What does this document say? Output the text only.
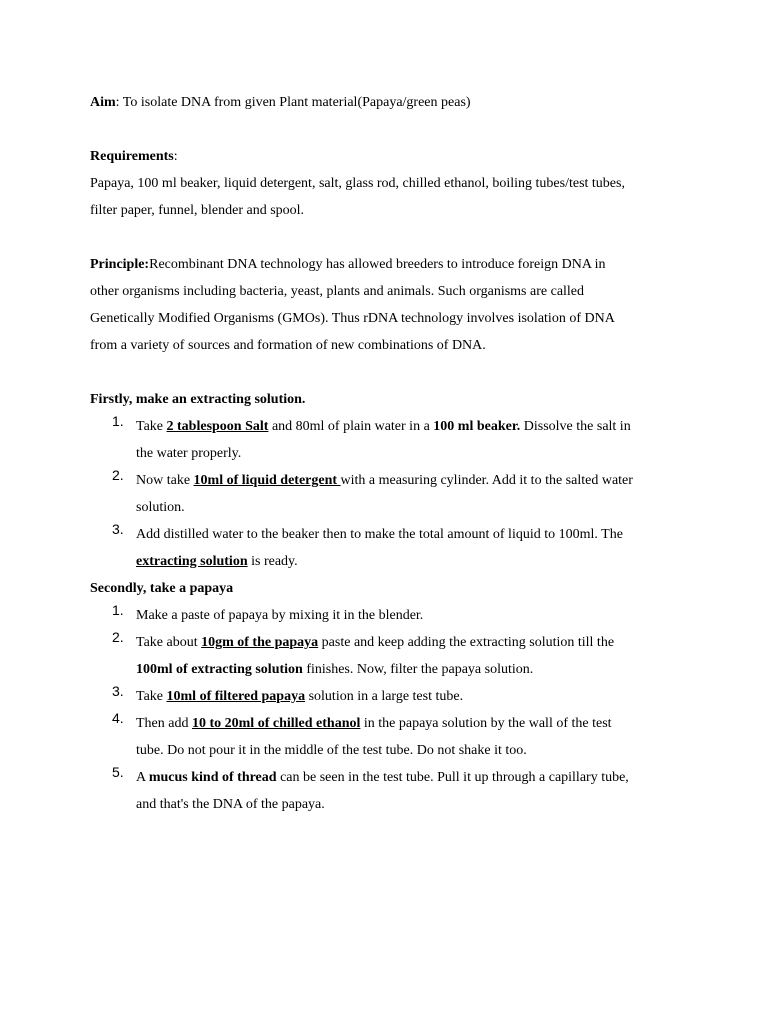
Aim: To isolate DNA from given Plant material(Papaya/green peas)
Requirements:
Papaya, 100 ml beaker, liquid detergent, salt, glass rod, chilled ethanol, boiling tubes/test tubes,
filter paper, funnel, blender and spool.
Principle:Recombinant DNA technology has allowed breeders to introduce foreign DNA in
other organisms including bacteria, yeast, plants and animals. Such organisms are called
Genetically Modified Organisms (GMOs). Thus rDNA technology involves isolation of DNA
from a variety of sources and formation of new combinations of DNA.
Firstly, make an extracting solution.
1. Take 2 tablespoon Salt and 80ml of plain water in a 100 ml beaker. Dissolve the salt in
the water properly.
2. Now take 10ml of liquid detergent with a measuring cylinder. Add it to the salted water
solution.
3. Add distilled water to the beaker then to make the total amount of liquid to 100ml. The
extracting solution is ready.
Secondly, take a papaya
1. Make a paste of papaya by mixing it in the blender.
2. Take about 10gm of the papaya paste and keep adding the extracting solution till the
100ml of extracting solution finishes. Now, filter the papaya solution.
3. Take 10ml of filtered papaya solution in a large test tube.
4. Then add 10 to 20ml of chilled ethanol in the papaya solution by the wall of the test
tube. Do not pour it in the middle of the test tube. Do not shake it too.
5. A mucus kind of thread can be seen in the test tube. Pull it up through a capillary tube,
and that's the DNA of the papaya.
